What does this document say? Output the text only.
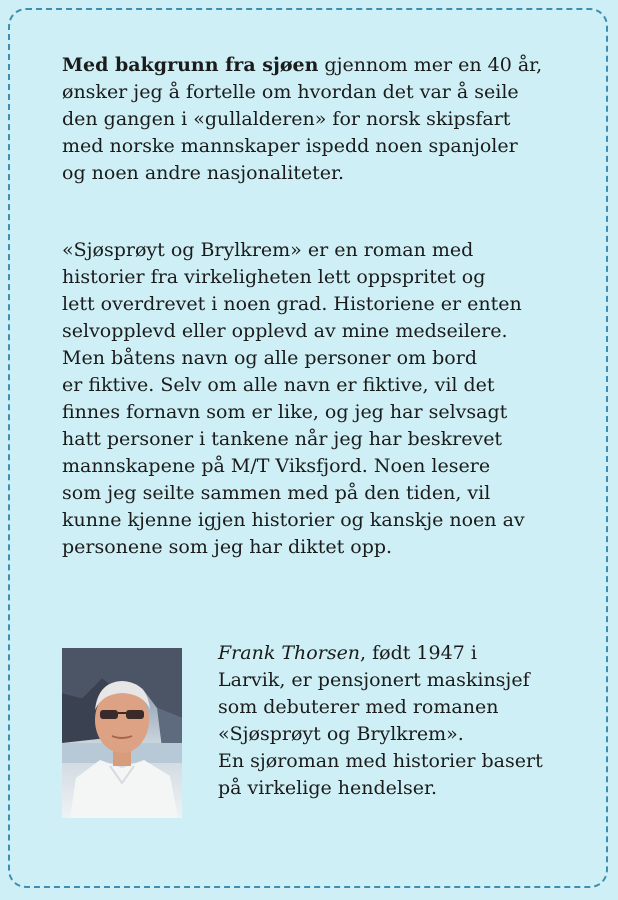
Med bakgrunn fra sjøen gjennom mer en 40 år,
ønsker jeg å fortelle om hvordan det var å seile
den gangen i «gullalderen» for norsk skipsfart
med norske mannskaper ispedd noen spanjoler
og noen andre nasjonaliteter.
«Sjøsprøyt og Brylkrem» er en roman med
historier fra virkeligheten lett oppspritet og
lett overdrevet i noen grad. Historiene er enten
selvopplevd eller opplevd av mine medseilere.
Men båtens navn og alle personer om bord
er fiktive. Selv om alle navn er fiktive, vil det
finnes fornavn som er like, og jeg har selvsagt
hatt personer i tankene når jeg har beskrevet
mannskapene på M/T Viksfjord. Noen lesere
som jeg seilte sammen med på den tiden, vil
kunne kjenne igjen historier og kanskje noen av
personene som jeg har diktet opp.
Frank Thorsen, født 1947 i
Larvik, er pensjonert maskinsjef
som debuterer med romanen
«Sjøsprøyt og Brylkrem».
En sjøroman med historier basert
på virkelige hendelser.
